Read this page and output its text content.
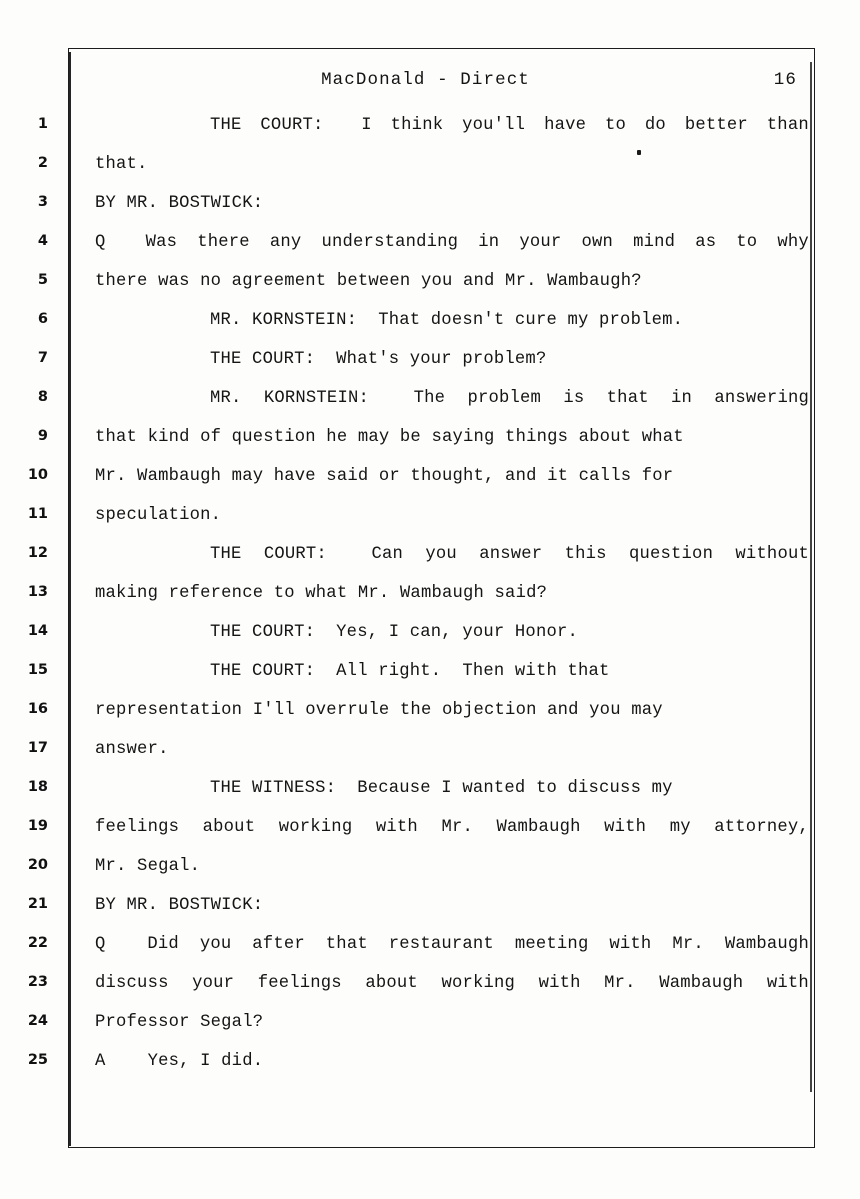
MacDonald - Direct	16
1	THE COURT: I think you'll have to do better than
2	that.
3	BY MR. BOSTWICK:
4	Q Was there any understanding in your own mind as to why
5	there was no agreement between you and Mr. Wambaugh?
6	MR. KORNSTEIN:  That doesn't cure my problem.
7	THE COURT:  What's your problem?
8	MR. KORNSTEIN:	The problem is that in answering
9	that kind of question he may be saying things about what
10	Mr. Wambaugh may have said or thought, and it calls for
11	speculation.
12	THE COURT:	Can you answer this question without
13	making reference to what Mr. Wambaugh said?
14	THE COURT:  Yes, I can, your Honor.
15	THE COURT:  All right.  Then with that
16	representation I'll overrule the objection and you may
17	answer.
18	THE WITNESS:  Because I wanted to discuss my
19	feelings about working with Mr. Wambaugh with my attorney,
20	Mr. Segal.
21	BY MR. BOSTWICK:
22	Q Did you after that restaurant meeting with Mr. Wambaugh
23	discuss your feelings about working with Mr. Wambaugh with
24	Professor Segal?
25	A    Yes, I did.
